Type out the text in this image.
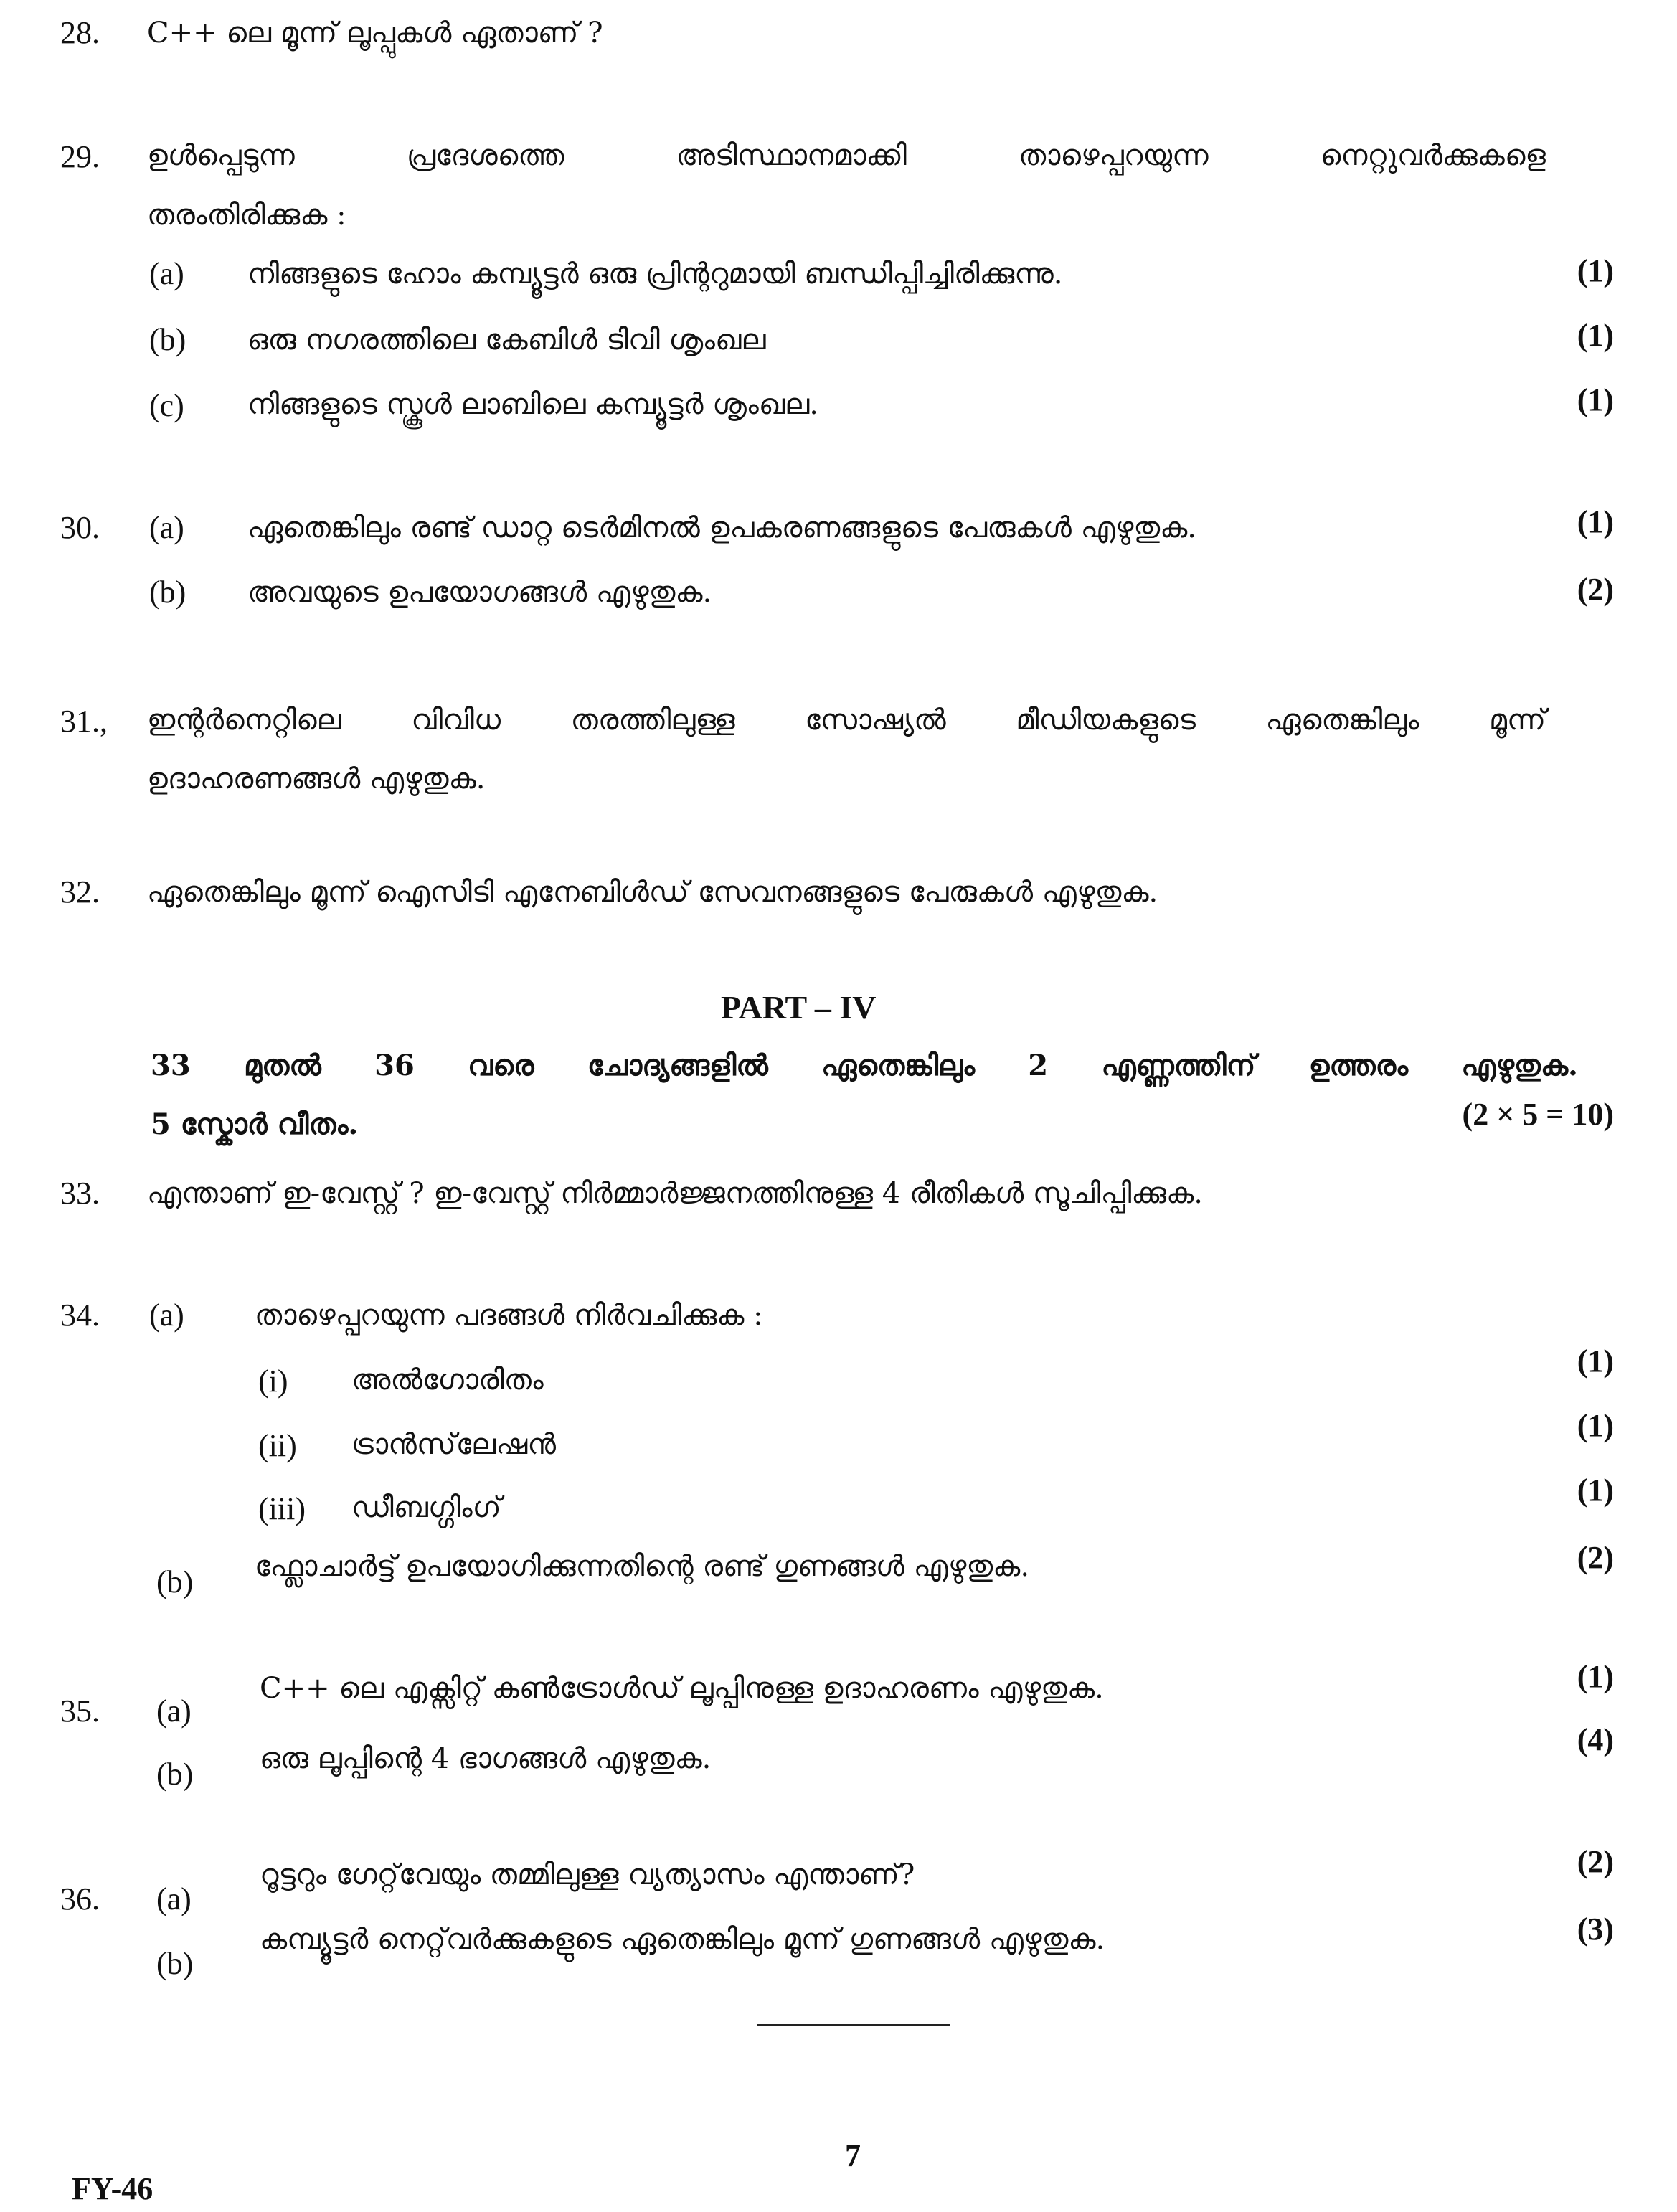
28. C++ ലെ മൂന്ന് ലൂപ്പുകൾ ഏതാണ് ?
29. ഉൾപ്പെടുന്ന	പ്രദേശത്തെ	അടിസ്ഥാനമാക്കി	താഴെപ്പറയുന്ന	നെറ്റുവർക്കുകളെ
തരംതിരിക്കുക :
(a) നിങ്ങളുടെ ഹോം കമ്പ്യൂട്ടർ ഒരു പ്രിന്ററുമായി ബന്ധിപ്പിച്ചിരിക്കുന്നു.	(1)
(b) ഒരു നഗരത്തിലെ കേബിൾ ടിവി ശൃംഖല	(1)
(c) നിങ്ങളുടെ സ്കൂൾ ലാബിലെ കമ്പ്യൂട്ടർ ശൃംഖല.	(1)
30. (a) ഏതെങ്കിലും രണ്ട് ഡാറ്റ ടെർമിനൽ ഉപകരണങ്ങളുടെ പേരുകൾ എഴുതുക.	(1)
(b) അവയുടെ ഉപയോഗങ്ങൾ എഴുതുക.	(2)
31., ഇന്റർനെറ്റിലെ വിവിധ തരത്തിലുള്ള സോഷ്യൽ മീഡിയകളുടെ ഏതെങ്കിലും മൂന്ന്
ഉദാഹരണങ്ങൾ എഴുതുക.
32. ഏതെങ്കിലും മൂന്ന് ഐസിടി എനേബിൾഡ് സേവനങ്ങളുടെ പേരുകൾ എഴുതുക.
PART – IV
33 മുതൽ 36 വരെ ചോദ്യങ്ങളിൽ ഏതെങ്കിലും 2 എണ്ണത്തിന് ഉത്തരം എഴുതുക.
5 സ്കോർ വീതം.	(2 × 5 = 10)
33. എന്താണ് ഇ-വേസ്റ്റ് ? ഇ-വേസ്റ്റ് നിർമ്മാർജ്ജനത്തിനുള്ള 4 രീതികൾ സൂചിപ്പിക്കുക.
34. (a) താഴെപ്പറയുന്ന പദങ്ങൾ നിർവചിക്കുക :
(i) അൽഗോരിതം
(1)
(ii) ട്രാൻസ്‌ലേഷൻ
(1)
(iii) ഡീബഗ്ഗിംഗ്	(1)
(b) ഫ്ലോചാർട്ട് ഉപയോഗിക്കുന്നതിന്റെ രണ്ട് ഗുണങ്ങൾ എഴുതുക.	(2)
35. (a)
C++ ലെ എക്സിറ്റ് കൺട്രോൾഡ് ലൂപ്പിനുള്ള ഉദാഹരണം എഴുതുക.	(1)
(b) ഒരു ലൂപ്പിന്റെ 4 ഭാഗങ്ങൾ എഴുതുക.
(4)
36. (a)
റൂട്ടറും ഗേറ്റ്‌വേയും തമ്മിലുള്ള വ്യത്യാസം എന്താണ്?	(2)
(b)
കമ്പ്യൂട്ടർ നെറ്റ്‌വർക്കുകളുടെ ഏതെങ്കിലും മൂന്ന് ഗുണങ്ങൾ എഴുതുക.	(3)
7
FY-46
